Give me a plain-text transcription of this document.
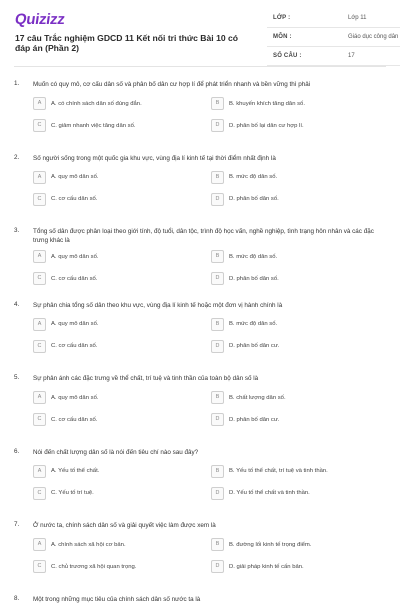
Quizizz
17 câu Trắc nghiệm GDCD 11 Kết nối tri thức Bài 10 có đáp án (Phần 2)
LỚP :	Lớp 11
MÔN :	Giáo dục công dân
SỐ CÂU :	17
1. Muốn có quy mô, cơ cấu dân số và phân bố dân cư hợp lí để phát triển nhanh và bền vững thì phải
A	A. có chính sách dân số đúng đắn.	B	B. khuyến khích tăng dân số.
C	C. giảm nhanh việc tăng dân số.	D	D. phân bố lại dân cư hợp lí.
2. Số người sống trong một quốc gia khu vực, vùng địa lí kinh tế tại thời điểm nhất định là
A	A. quy mô dân số.	B	B. mức độ dân số.
C	C. cơ cấu dân số.	D	D. phân bố dân số.
3. Tổng số dân được phân loại theo giới tính, độ tuổi, dân tộc, trình độ học vấn, nghề nghiệp, tình trạng hôn nhân và các đặc trưng khác là
A	A. quy mô dân số.	B	B. mức độ dân số.
C	C. cơ cấu dân số.	D	D. phân bố dân số.
4. Sự phân chia tổng số dân theo khu vực, vùng địa lí kinh tế hoặc một đơn vị hành chính là
A	A. quy mô dân số.	B	B. mức độ dân số.
C	C. cơ cấu dân số.	D	D. phân bố dân cư.
5. Sự phản ánh các đặc trưng về thể chất, trí tuệ và tinh thần của toàn bộ dân số là
A	A. quy mô dân số.	B	B. chất lượng dân số.
C	C. cơ cấu dân số.	D	D. phân bố dân cư.
6. Nói đến chất lượng dân số là nói đến tiêu chí nào sau đây?
A	A. Yếu tố thể chất.	B	B. Yếu tố thể chất, trí tuệ và tinh thần.
C	C. Yếu tố trí tuệ.	D	D. Yếu tố thể chất và tinh thần.
7. Ở nước ta, chính sách dân số và giải quyết việc làm được xem là
A	A. chính sách xã hội cơ bản.	B	B. đường lối kinh tế trọng điểm.
C	C. chủ trương xã hội quan trọng.	D	D. giải pháp kinh tế cấn bản.
8. Một trong những mục tiêu của chính sách dân số nước ta là
